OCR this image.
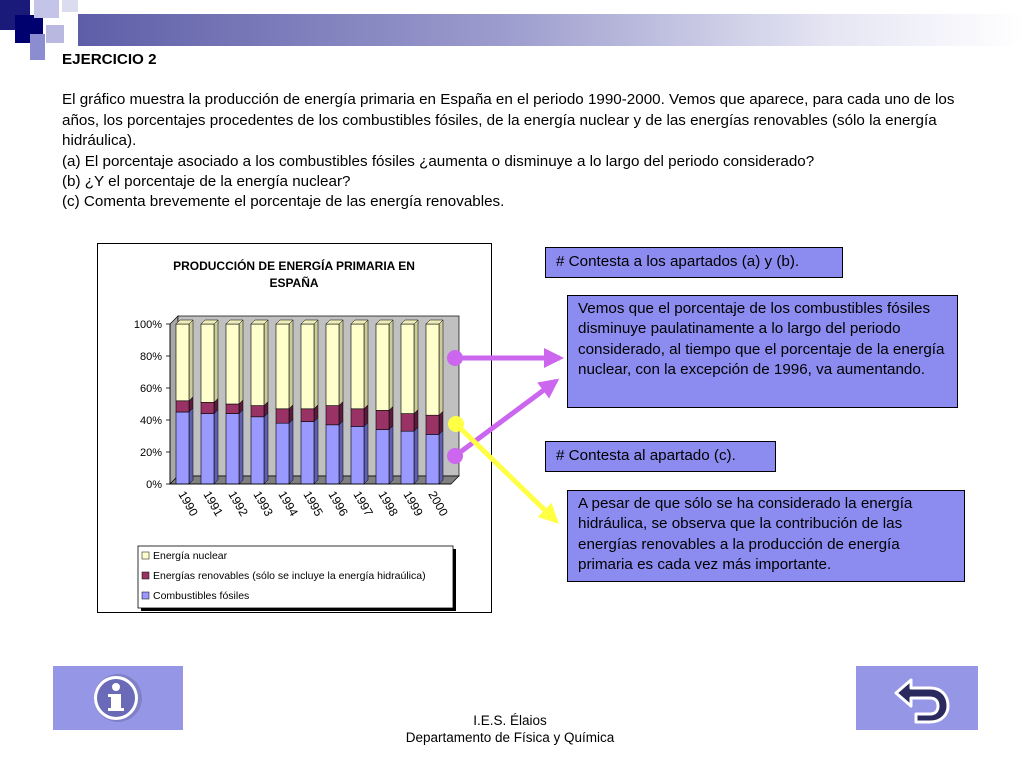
EJERCICIO 2

El gráfico muestra la producción de energía primaria en España en el periodo 1990-2000. Vemos que aparece, para cada uno de los años, los porcentajes procedentes de los combustibles fósiles, de la energía nuclear y de las energías renovables (sólo la energía hidráulica).

(a) El porcentaje asociado a los combustibles fósiles ¿aumenta o disminuye a lo largo del periodo considerado?

(b) ¿Y el porcentaje de la energía nuclear?

(c) Comenta brevemente el porcentaje de las energía renovables.

PRODUCCIÓN DE ENERGÍA PRIMARIA EN
ESPAÑA
0%
20%
40%
60%
80%
100%
1990 1991 1992 1993 1994 1995 1996 1997 1998 1999 2000
Energía nuclear
Energías renovables (sólo se incluye la energía hidraúlica)
Combustibles fósiles
# Contesta a los apartados (a) y (b).
Vemos que el porcentaje de los combustibles fósiles disminuye paulatinamente a lo largo del periodo considerado, al tiempo que el porcentaje de la energía nuclear, con la excepción de 1996, va aumentando.
# Contesta al apartado (c).
A pesar de que sólo se ha considerado la energía hidráulica, se observa que la contribución de las energías renovables a la producción de energía primaria es cada vez más importante.
I.E.S. Élaios
Departamento de Física y Química
